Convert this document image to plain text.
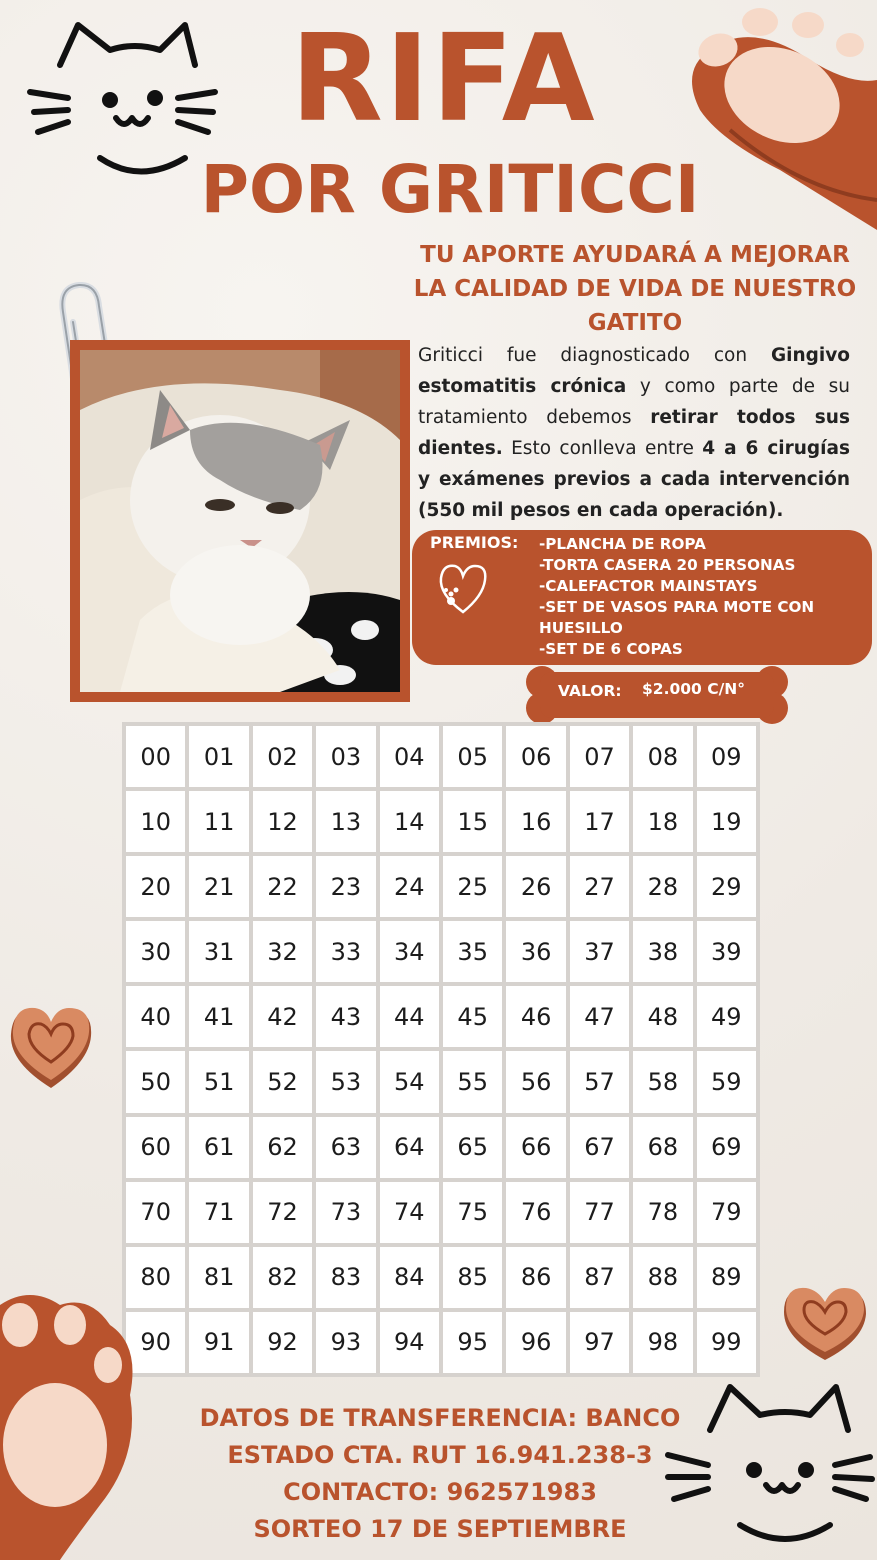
RIFA
POR GRITICCI
TU APORTE AYUDARÁ A MEJORAR LA CALIDAD DE VIDA DE NUESTRO GATITO
Griticci fue diagnosticado con Gingivo estomatitis crónica y como parte de su tratamiento debemos retirar todos sus dientes. Esto conlleva entre 4 a 6 cirugías y exámenes previos a cada intervención (550 mil pesos en cada operación).
PREMIOS: -PLANCHA DE ROPA
-TORTA CASERA 20 PERSONAS
-CALEFACTOR MAINSTAYS
-SET DE VASOS PARA MOTE CON HUESILLO
-SET DE 6 COPAS
VALOR: $2.000 C/N°
00	01	02	03	04	05	06	07	08	09
10	11	12	13	14	15	16	17	18	19
20	21	22	23	24	25	26	27	28	29
30	31	32	33	34	35	36	37	38	39
40	41	42	43	44	45	46	47	48	49
50	51	52	53	54	55	56	57	58	59
60	61	62	63	64	65	66	67	68	69
70	71	72	73	74	75	76	77	78	79
80	81	82	83	84	85	86	87	88	89
90	91	92	93	94	95	96	97	98	99
DATOS DE TRANSFERENCIA: BANCO
ESTADO CTA. RUT 16.941.238-3
CONTACTO: 962571983
SORTEO 17 DE SEPTIEMBRE
